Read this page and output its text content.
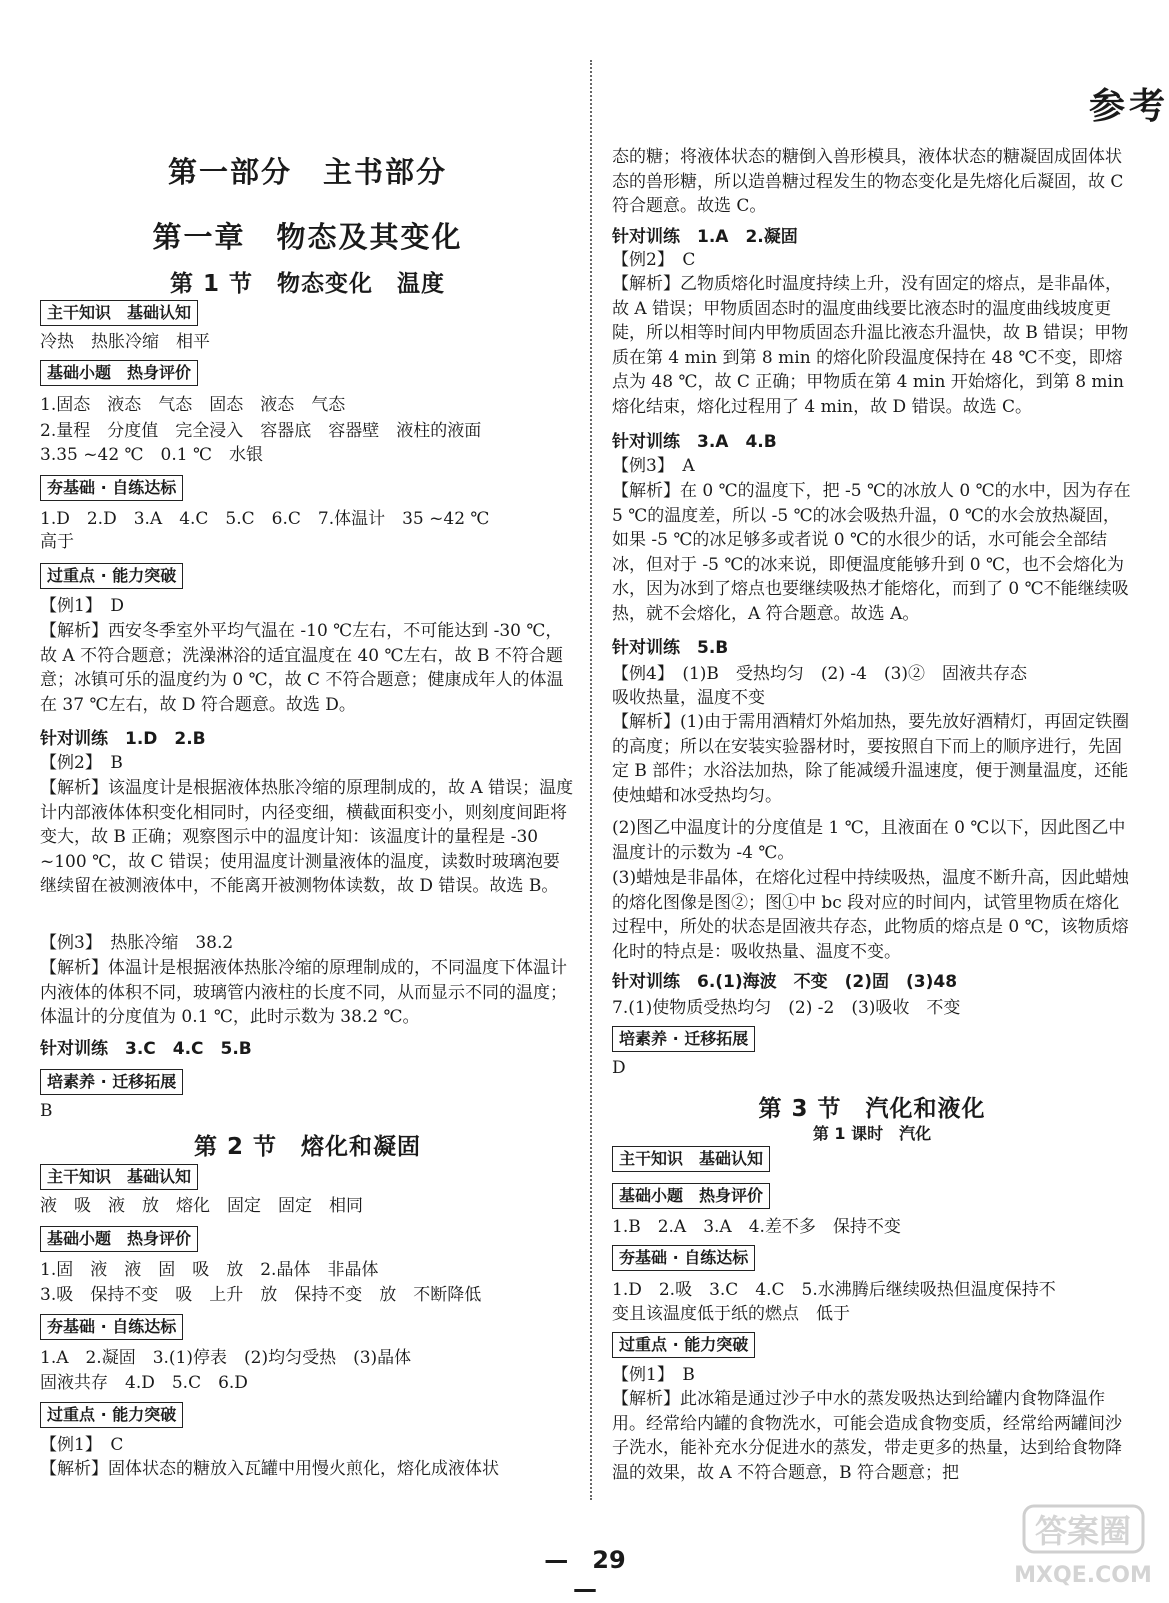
参考
第一部分　主书部分
第一章　物态及其变化
第 1 节　物态变化　温度
主干知识　基础认知
冷热　热胀冷缩　相平
基础小题　热身评价
1.固态　液态　气态　固态　液态　气态
2.量程　分度值　完全浸入　容器底　容器壁　液柱的液面
3.35 ~42 ℃　0.1 ℃　水银
夯基础 · 自练达标
1.D　2.D　3.A　4.C　5.C　6.C　7.体温计　35 ~42 ℃
高于
过重点 · 能力突破
【例1】　D
【解析】西安冬季室外平均气温在 -10 ℃左右，不可能达到 -30 ℃，故 A 不符合题意；洗澡淋浴的适宜温度在 40 ℃左右，故 B 不符合题意；冰镇可乐的温度约为 0 ℃，故 C 不符合题意；健康成年人的体温在 37 ℃左右，故 D 符合题意。故选 D。
针对训练　1.D　2.B
【例2】　B
【解析】该温度计是根据液体热胀冷缩的原理制成的，故 A 错误；温度计内部液体体积变化相同时，内径变细，横截面积变小，则刻度间距将变大，故 B 正确；观察图示中的温度计知：该温度计的量程是 -30 ~100 ℃，故 C 错误；使用温度计测量液体的温度，读数时玻璃泡要继续留在被测液体中，不能离开被测物体读数，故 D 错误。故选 B。
【例3】　热胀冷缩　38.2
【解析】体温计是根据液体热胀冷缩的原理制成的，不同温度下体温计内液体的体积不同，玻璃管内液柱的长度不同，从而显示不同的温度；体温计的分度值为 0.1 ℃，此时示数为 38.2 ℃。
针对训练　3.C　4.C　5.B
培素养 · 迁移拓展
B
第 2 节　熔化和凝固
主干知识　基础认知
液　吸　液　放　熔化　固定　固定　相同
基础小题　热身评价
1.固　液　液　固　吸　放　2.晶体　非晶体
3.吸　保持不变　吸　上升　放　保持不变　放　不断降低
夯基础 · 自练达标
1.A　2.凝固　3.(1)停表　(2)均匀受热　(3)晶体
固液共存　4.D　5.C　6.D
过重点 · 能力突破
【例1】　C
【解析】固体状态的糖放入瓦罐中用慢火煎化，熔化成液体状
态的糖；将液体状态的糖倒入兽形模具，液体状态的糖凝固成固体状态的兽形糖，所以造兽糖过程发生的物态变化是先熔化后凝固，故 C 符合题意。故选 C。
针对训练　1.A　2.凝固
【例2】　C
【解析】乙物质熔化时温度持续上升，没有固定的熔点，是非晶体，故 A 错误；甲物质固态时的温度曲线要比液态时的温度曲线坡度更陡，所以相等时间内甲物质固态升温比液态升温快，故 B 错误；甲物质在第 4 min 到第 8 min 的熔化阶段温度保持在 48 ℃不变，即熔点为 48 ℃，故 C 正确；甲物质在第 4 min 开始熔化，到第 8 min 熔化结束，熔化过程用了 4 min，故 D 错误。故选 C。
针对训练　3.A　4.B
【例3】　A
【解析】在 0 ℃的温度下，把 -5 ℃的冰放人 0 ℃的水中，因为存在 5 ℃的温度差，所以 -5 ℃的冰会吸热升温，0 ℃的水会放热凝固，如果 -5 ℃的冰足够多或者说 0 ℃的水很少的话，水可能会全部结冰，但对于 -5 ℃的冰来说，即便温度能够升到 0 ℃，也不会熔化为水，因为冰到了熔点也要继续吸热才能熔化，而到了 0 ℃不能继续吸热，就不会熔化，A 符合题意。故选 A。
针对训练　5.B
【例4】　(1)B　受热均匀　(2) -4　(3)②　固液共存态
吸收热量，温度不变
【解析】(1)由于需用酒精灯外焰加热，要先放好酒精灯，再固定铁圈的高度；所以在安装实验器材时，要按照自下而上的顺序进行，先固定 B 部件；水浴法加热，除了能减缓升温速度，便于测量温度，还能使烛蜡和冰受热均匀。
(2)图乙中温度计的分度值是 1 ℃，且液面在 0 ℃以下，因此图乙中温度计的示数为 -4 ℃。
(3)蜡烛是非晶体，在熔化过程中持续吸热，温度不断升高，因此蜡烛的熔化图像是图②；图①中 bc 段对应的时间内，试管里物质在熔化过程中，所处的状态是固液共存态，此物质的熔点是 0 ℃，该物质熔化时的特点是：吸收热量、温度不变。
针对训练　6.(1)海波　不变　(2)固　(3)48
7.(1)使物质受热均匀　(2) -2　(3)吸收　不变
培素养 · 迁移拓展
D
第 3 节　汽化和液化
第 1 课时　汽化
主干知识　基础认知
基础小题　热身评价
1.B　2.A　3.A　4.差不多　保持不变
夯基础 · 自练达标
1.D　2.吸　3.C　4.C　5.水沸腾后继续吸热但温度保持不
变且该温度低于纸的燃点　低于
过重点 · 能力突破
【例1】　B
【解析】此冰箱是通过沙子中水的蒸发吸热达到给罐内食物降温作用。经常给内罐的食物洗水，可能会造成食物变质，经常给两罐间沙子洗水，能补充水分促进水的蒸发，带走更多的热量，达到给食物降温的效果，故 A 不符合题意，B 符合题意；把
—　29　—
答案圈
MXQE.COM
